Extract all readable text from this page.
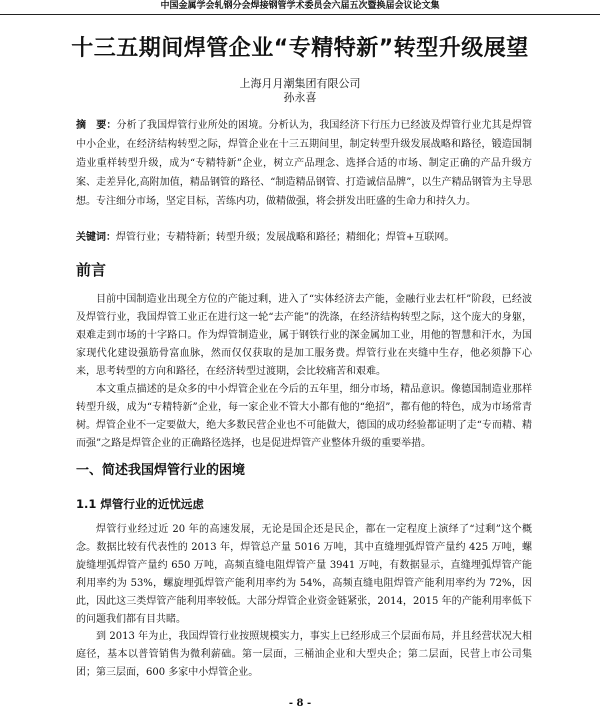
中国金属学会轧钢分会焊接钢管学术委员会六届五次暨换届会议论文集
十三五期间焊管企业“专精特新”转型升级展望
上海月月潮集团有限公司
孙永喜
摘　要：分析了我国焊管行业所处的困境。分析认为，我国经济下行压力已经波及焊管行业尤其是焊管中小企业，在经济结构转型之际，焊管企业在十三五期间里，制定转型升级发展战略和路径，锻造国制造业重样转型升级，成为“专精特新”企业，树立产品理念、选择合适的市场、制定正确的产品升级方案、走差异化,高附加值，精品钢管的路径、“制造精品钢管、打造诚信品牌”，以生产精品钢管为主导思想。专注细分市场，坚定目标，苦练内功，做精做强，将会拼发出旺盛的生命力和持久力。
关键词：焊管行业；专精特新；转型升级；发展战略和路径；精细化；焊管+互联网。
前言
目前中国制造业出现全方位的产能过剩，进入了“实体经济去产能，金融行业去杠杆”阶段，已经波及焊管行业，我国焊管工业正在进行这一轮“去产能”的洗涤，在经济结构转型之际，这个庞大的身躯，艰难走到市场的十字路口。作为焊管制造业，属于钢铁行业的深金属加工业，用他的智慧和汗水，为国家现代化建设强筋骨富血脉，然而仅仅获取的是加工服务费。焊管行业在夹缝中生存，他必须静下心来，思考转型的方向和路径，在经济转型过渡期，会比较痛苦和艰难。
本文重点描述的是众多的中小焊管企业在今后的五年里，细分市场，精品意识。像德国制造业那样转型升级，成为“专精特新”企业，每一家企业不管大小都有他的“绝招”，都有他的特色，成为市场常青树。焊管企业不一定要做大，绝大多数民营企业也不可能做大，德国的成功经验都证明了走“专而精、精而强”之路是焊管企业的正确路径选择，也是促进焊管产业整体升级的重要举措。
一、简述我国焊管行业的困境
1.1 焊管行业的近忧远虑
焊管行业经过近 20 年的高速发展，无论是国企还是民企，都在一定程度上演绎了“过剩”这个概念。数据比较有代表性的 2013 年，焊管总产量 5016 万吨，其中直缝埋弧焊管产量约 425 万吨，螺旋缝埋弧焊管产量约 650 万吨，高频直缝电阻焊管产量 3941 万吨，有数据显示，直缝埋弧焊管产能利用率约为 53%，螺旋埋弧焊管产能利用率约为 54%，高频直缝电阻焊管产能利用率约为 72%，因此，因此这三类焊管产能利用率较低。大部分焊管企业资金链紧张，2014，2015 年的产能利用率低下的问题我们都有目共睹。
到 2013 年为止，我国焊管行业按照规模实力，事实上已经形成三个层面布局，并且经营状况大相庭径，基本以普管销售为微利薪础。第一层面，三桶油企业和大型央企；第二层面，民营上市公司集团；第三层面，600 多家中小焊管企业。
- 8 -
